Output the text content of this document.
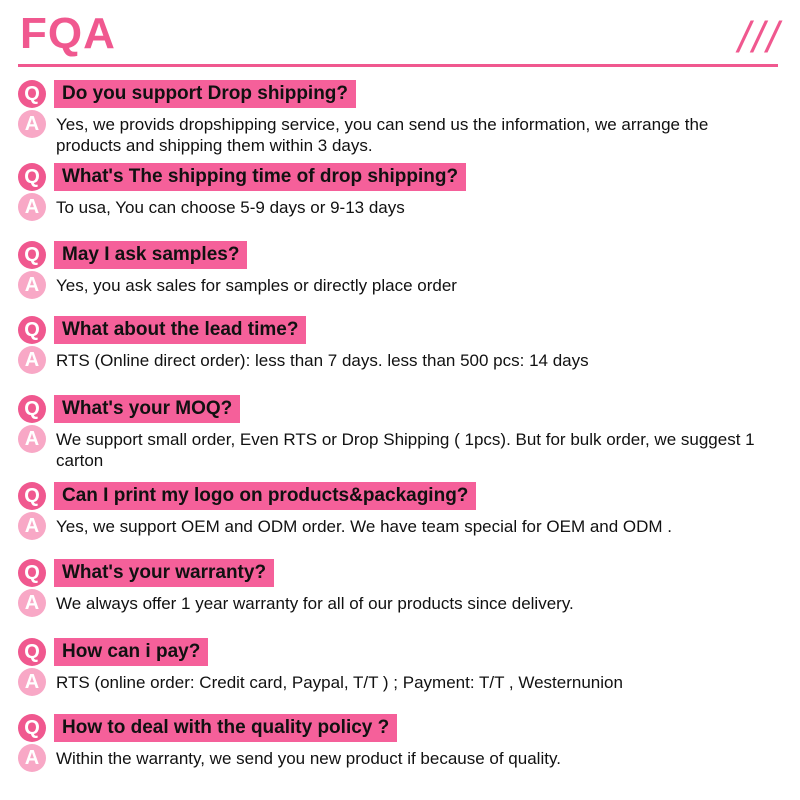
FQA	///
Q	Do you support Drop shipping?
A Yes, we provids dropshipping service, you can send us the information, we arrange the products and shipping them within 3 days.
Q	What's The shipping time of drop shipping?
A To usa, You can choose 5-9 days or 9-13 days
Q	May I ask samples?
A Yes, you ask sales for samples or directly place order
Q	What about the lead time?
A RTS (Online direct order): less than 7 days. less than 500 pcs: 14 days
Q	What's your MOQ?
A We support small order, Even RTS or Drop Shipping ( 1pcs). But for bulk order, we suggest 1 carton
Q	Can I print my logo on products&packaging?
A Yes, we support OEM and ODM order. We have team special for OEM and ODM .
Q	What's your warranty?
A We always offer 1 year warranty for all of our products since delivery.
Q	How can i pay?
A RTS (online order: Credit card, Paypal, T/T ) ; Payment: T/T , Westernunion
Q	How to deal with the quality policy ?
A Within the warranty, we send you new product if because of quality.
